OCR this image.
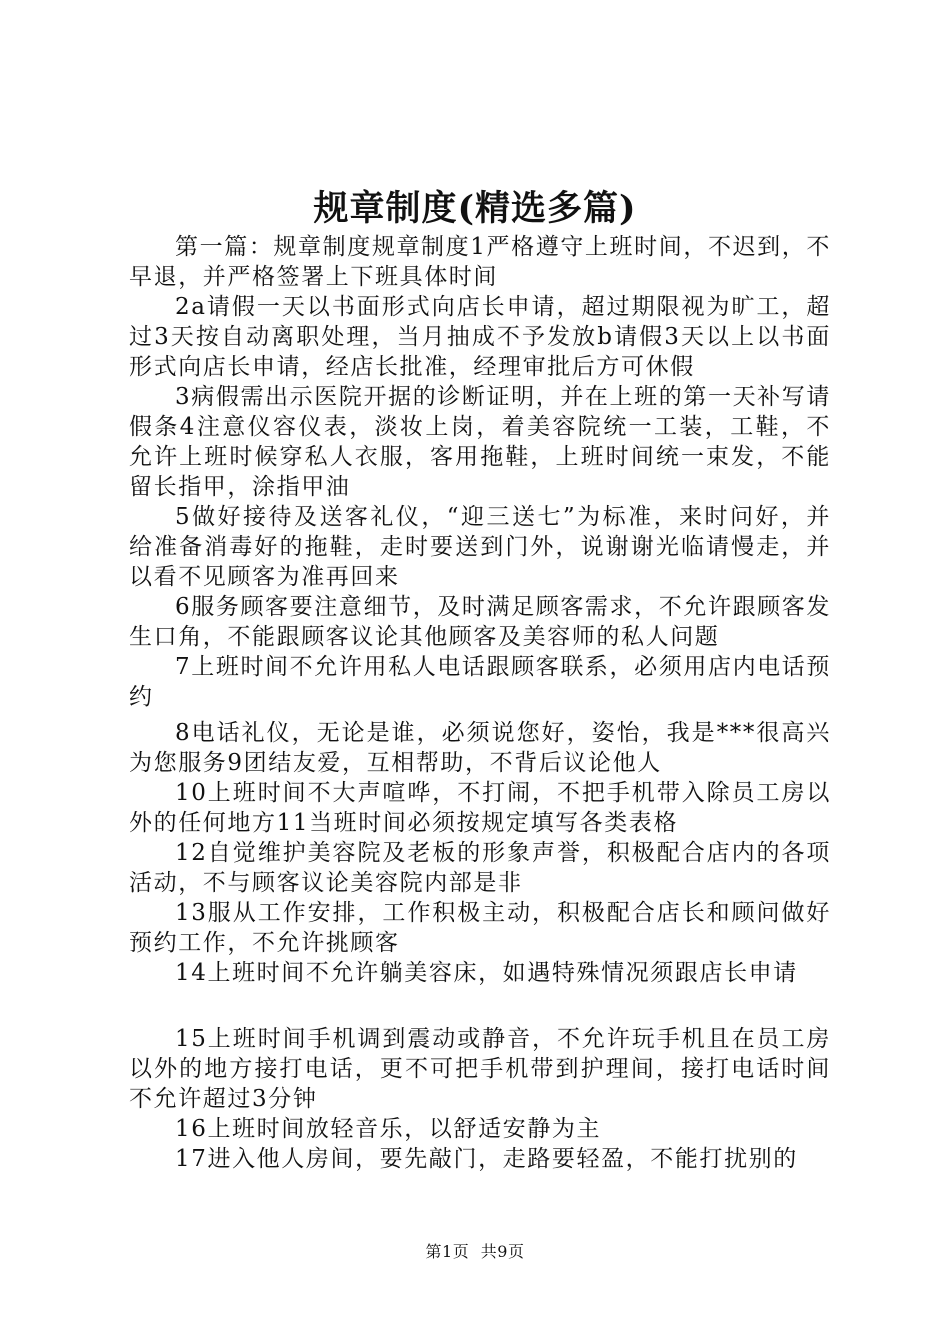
规章制度(精选多篇)

第一篇：规章制度规章制度1严格遵守上班时间，不迟到，不早退，并严格签署上下班具体时间

2a请假一天以书面形式向店长申请，超过期限视为旷工，超过3天按自动离职处理，当月抽成不予发放b请假3天以上以书面形式向店长申请，经店长批准，经理审批后方可休假

3病假需出示医院开据的诊断证明，并在上班的第一天补写请假条4注意仪容仪表，淡妆上岗，着美容院统一工装，工鞋，不允许上班时候穿私人衣服，客用拖鞋，上班时间统一束发，不能留长指甲，涂指甲油

5做好接待及送客礼仪，“迎三送七”为标准，来时问好，并给准备消毒好的拖鞋，走时要送到门外，说谢谢光临请慢走，并以看不见顾客为准再回来

6服务顾客要注意细节，及时满足顾客需求，不允许跟顾客发生口角，不能跟顾客议论其他顾客及美容师的私人问题

7上班时间不允许用私人电话跟顾客联系，必须用店内电话预约

8电话礼仪，无论是谁，必须说您好，姿怡，我是***很高兴为您服务9团结友爱，互相帮助，不背后议论他人

10上班时间不大声喧哗，不打闹，不把手机带入除员工房以外的任何地方11当班时间必须按规定填写各类表格

12自觉维护美容院及老板的形象声誉，积极配合店内的各项活动，不与顾客议论美容院内部是非

13服从工作安排，工作积极主动，积极配合店长和顾问做好预约工作，不允许挑顾客

14上班时间不允许躺美容床，如遇特殊情况须跟店长申请

15上班时间手机调到震动或静音，不允许玩手机且在员工房以外的地方接打电话，更不可把手机带到护理间，接打电话时间不允许超过3分钟

16上班时间放轻音乐，以舒适安静为主

17进入他人房间，要先敲门，走路要轻盈，不能打扰别的

第1页 共9页
